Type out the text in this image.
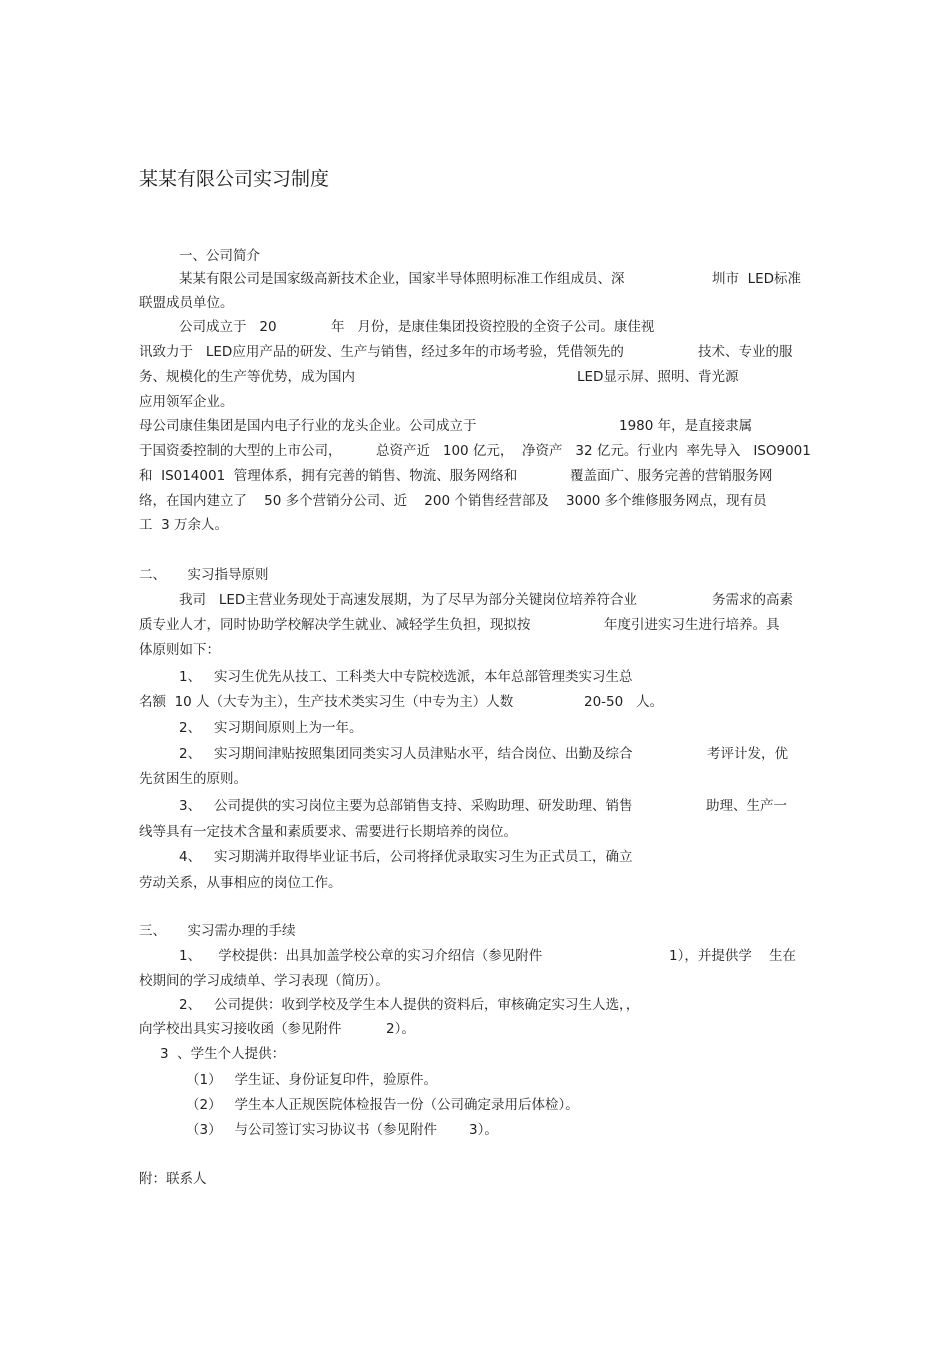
某某有限公司实习制度
一、公司简介
某某有限公司是国家级高新技术企业，国家半导体照明标准工作组成员、深	圳市  LED标准
联盟成员单位。
公司成立于   20	年   月份，是康佳集团投资控股的全资子公司。康佳视
讯致力于   LED应用产品的研发、生产与销售，经过多年的市场考验，凭借领先的	技术、专业的服
务、规模化的生产等优势，成为国内	LED显示屏、照明、背光源
应用领军企业。
母公司康佳集团是国内电子行业的龙头企业。公司成立于	1980 年，是直接隶属
于国资委控制的大型的上市公司，	总资产近   100 亿元，  净资产   32 亿元。行业内  率先导入   ISO9001
和  IS014001  管理体系，拥有完善的销售、物流、服务网络和	覆盖面广、服务完善的营销服务网
络，在国内建立了    50 多个营销分公司、近    200 个销售经营部及    3000 多个维修服务网点，现有员
工  3 万余人。
二、     实习指导原则
我司   LED主营业务现处于高速发展期，为了尽早为部分关键岗位培养符合业	务需求的高素
质专业人才，同时协助学校解决学生就业、减轻学生负担，现拟按	年度引进实习生进行培养。具
体原则如下：
1、   实习生优先从技工、工科类大中专院校选派，本年总部管理类实习生总
名额  10 人（大专为主），生产技术类实习生（中专为主）人数	20-50   人。
2、   实习期间原则上为一年。
2、   实习期间津贴按照集团同类实习人员津贴水平，结合岗位、出勤及综合	考评计发，优
先贫困生的原则。
3、   公司提供的实习岗位主要为总部销售支持、采购助理、研发助理、销售	助理、生产一
线等具有一定技术含量和素质要求、需要进行长期培养的岗位。
4、   实习期满并取得毕业证书后，公司将择优录取实习生为正式员工，确立
劳动关系，从事相应的岗位工作。
三、     实习需办理的手续
1、    学校提供：出具加盖学校公章的实习介绍信（参见附件	1），并提供学    生在
校期间的学习成绩单、学习表现（简历）。
2、   公司提供：收到学校及学生本人提供的资料后，审核确定实习生人选，，
向学校出具实习接收函（参见附件	2）。
3  、学生个人提供：
（1）   学生证、身份证复印件，验原件。
（2）   学生本人正规医院体检报告一份（公司确定录用后体检）。
（3）   与公司签订实习协议书（参见附件 3）。
附：联系人
